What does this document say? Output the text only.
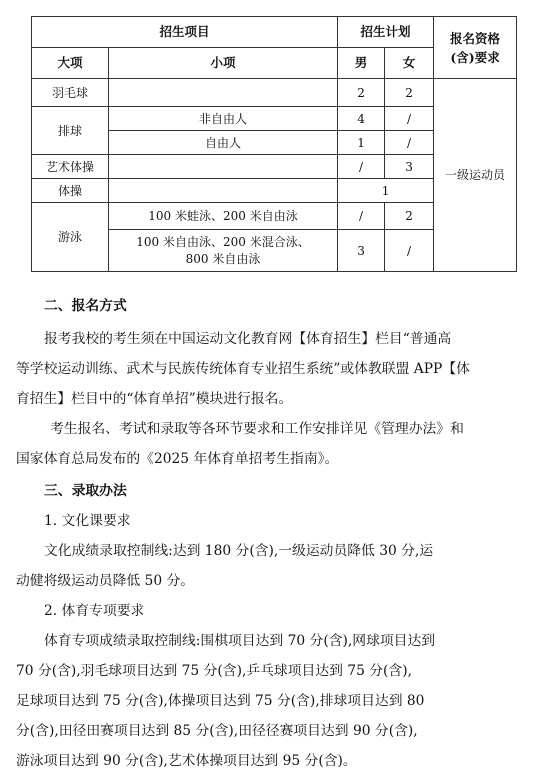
招生项目		招生计划		报名资格
(含)要求
大项	小项	男	女	
羽毛球		2	2	一级运动员
排球	非自由人	4	/	
	自由人	1	/	
艺术体操		/	3	
体操		1		
游泳	100 米蛙泳、200 米自由泳	/	2	
	100 米自由泳、200 米混合泳、
800 米自由泳	3	/	

二、报名方式

报考我校的考生须在中国运动文化教育网【体育招生】栏目“普通高

等学校运动训练、武术与民族传统体育专业招生系统”或体教联盟 APP【体

育招生】栏目中的“体育单招”模块进行报名。

考生报名、考试和录取等各环节要求和工作安排详见《管理办法》和

国家体育总局发布的《2025 年体育单招考生指南》。

三、录取办法

1. 文化课要求

文化成绩录取控制线:达到 180 分(含),一级运动员降低 30 分,运

动健将级运动员降低 50 分。

2. 体育专项要求

体育专项成绩录取控制线:围棋项目达到 70 分(含),网球项目达到

70 分(含),羽毛球项目达到 75 分(含),乒乓球项目达到 75 分(含),

足球项目达到 75 分(含),体操项目达到 75 分(含),排球项目达到 80

分(含),田径田赛项目达到 85 分(含),田径径赛项目达到 90 分(含),

游泳项目达到 90 分(含),艺术体操项目达到 95 分(含)。
